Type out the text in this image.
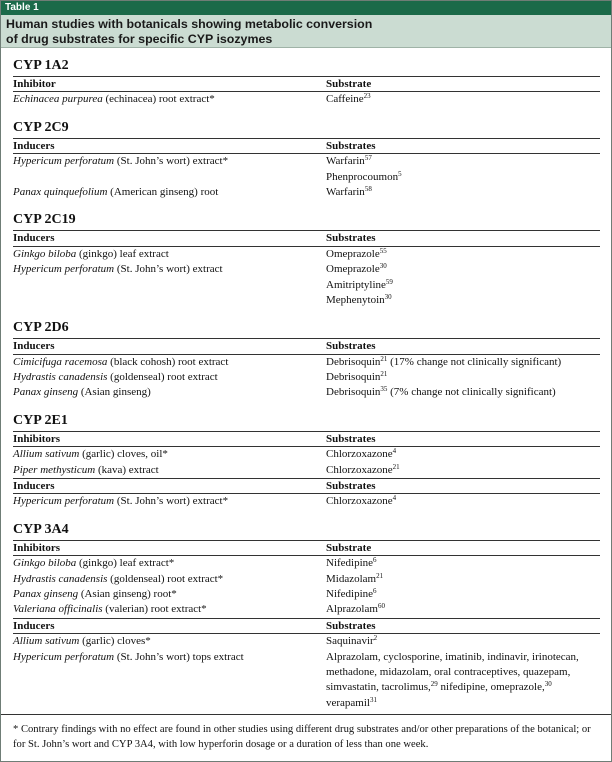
Table 1
Human studies with botanicals showing metabolic conversion
of drug substrates for specific CYP isozymes
CYP 1A2
Inhibitor	Substrate
Echinacea purpurea (echinacea) root extract*	Caffeine$^{23}$
CYP 2C9
Inducers	Substrates
Hypericum perforatum (St. John’s wort) extract*	Warfarin$^{57}$
Phenprocoumon$^5$
Panax quinquefolium (American ginseng) root	Warfarin$^{58}$
CYP 2C19
Inducers	Substrates
Ginkgo biloba (ginkgo) leaf extract	Omeprazole$^{55}$
Hypericum perforatum (St. John’s wort) extract	Omeprazole$^{30}$
Amitriptyline$^{59}$
Mephenytoin$^{30}$
CYP 2D6
Inducers	Substrates
Cimicifuga racemosa (black cohosh) root extract	Debrisoquin$^{21}$ (17% change not clinically significant)
Hydrastis canadensis (goldenseal) root extract	Debrisoquin$^{21}$
Panax ginseng (Asian ginseng)	Debrisoquin$^{35}$ (7% change not clinically significant)
CYP 2E1
Inhibitors	Substrates
Allium sativum (garlic) cloves, oil*	Chlorzoxazone$^4$
Piper methysticum (kava) extract	Chlorzoxazone$^{21}$
Inducers	Substrates
Hypericum perforatum (St. John’s wort) extract*	Chlorzoxazone$^4$
CYP 3A4
Inhibitors	Substrate
Ginkgo biloba (ginkgo) leaf extract*	Nifedipine$^6$
Hydrastis canadensis (goldenseal) root extract*	Midazolam$^{21}$
Panax ginseng (Asian ginseng) root*	Nifedipine$^6$
Valeriana officinalis (valerian) root extract*	Alprazolam$^{60}$
Inducers	Substrates
Allium sativum (garlic) cloves*	Saquinavir$^2$
Hypericum perforatum (St. John’s wort) tops extract	Alprazolam, cyclosporine, imatinib, indinavir, irinotecan,
methadone, midazolam, oral contraceptives, quazepam,
simvastatin, tacrolimus,$^{29}$ nifedipine, omeprazole,$^{30}$
verapamil$^{31}$
* Contrary findings with no effect are found in other studies using different drug substrates and/or other preparations of the botanical; or for St. John’s wort and CYP 3A4, with low hyperforin dosage or a duration of less than one week.
